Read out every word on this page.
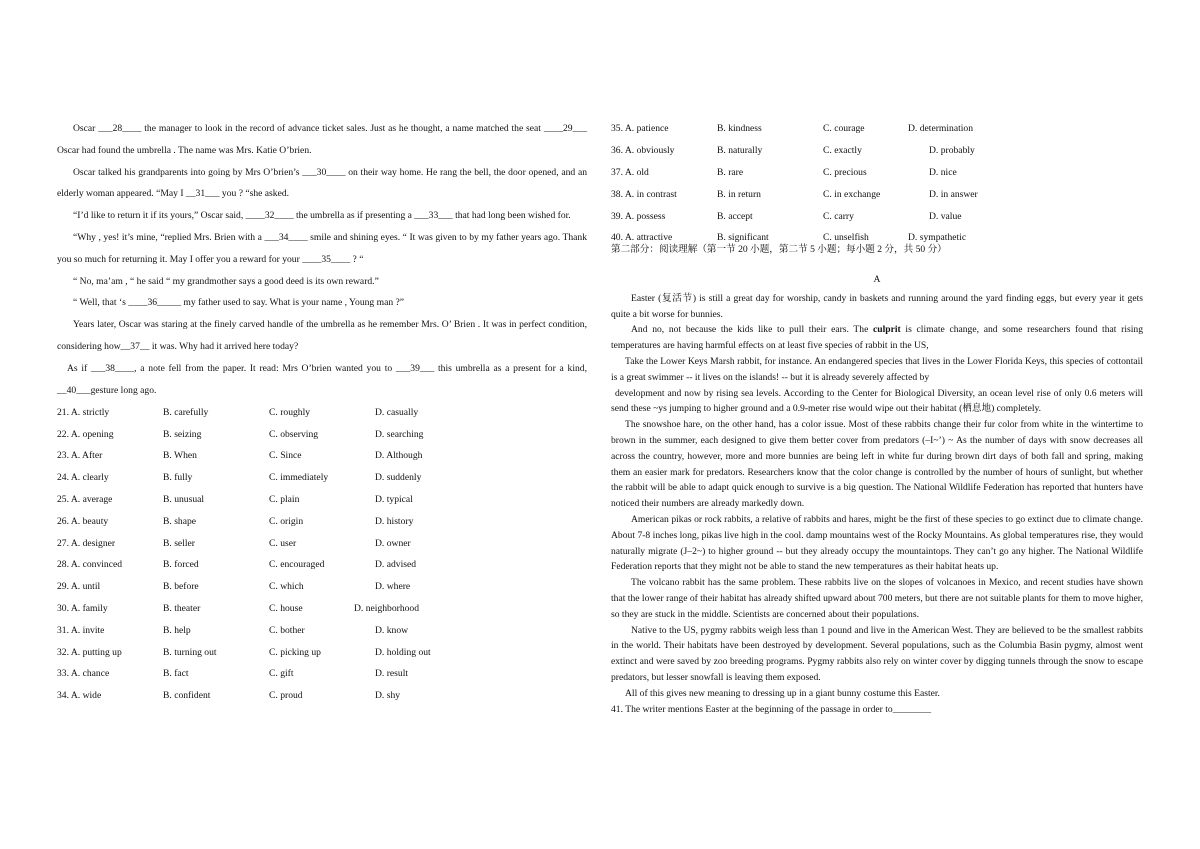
Oscar ___28____ the manager to look in the record of advance ticket sales. Just as he thought, a name matched the seat ____29___ Oscar had found the umbrella . The name was Mrs. Katie O’brien.

Oscar talked his grandparents into going by Mrs O’brien’s ___30____ on their way home. He rang the bell, the door opened, and an elderly woman appeared. “May I __31___ you ? “she asked.

“I’d like to return it if its yours,” Oscar said, ____32____ the umbrella as if presenting a ___33___ that had long been wished for.

“Why , yes! it’s mine, “replied Mrs. Brien with a ___34____ smile and shining eyes. “ It was given to by my father years ago. Thank you so much for returning it. May I offer you a reward for your ____35____ ? “

“ No, ma’am , “ he said “ my grandmother says a good deed is its own reward.”

“ Well, that ‘s ____36_____ my father used to say. What is your name , Young man ?”

Years later, Oscar was staring at the finely carved handle of the umbrella as he remember Mrs. O’ Brien . It was in perfect condition, considering how__37__ it was. Why had it arrived here today?

As if ___38____, a note fell from the paper. It read: Mrs O’brien wanted you to ___39___ this umbrella as a present for a kind, __40___gesture long ago.

21. A. strictly	B. carefully	C. roughly	D. casually
22. A. opening	B. seizing	C. observing	D. searching
23. A. After	B. When	C. Since	D. Although
24. A. clearly	B. fully	C. immediately	D. suddenly
25. A. average	B. unusual	C. plain	D. typical
26. A. beauty	B. shape	C. origin	D. history
27. A. designer	B. seller	C. user	D. owner
28. A. convinced	B. forced	C. encouraged	D. advised
29. A. until	B. before	C. which	D. where
30. A. family	B. theater	C. house	D. neighborhood
31. A. invite	B. help	C. bother	D. know
32. A. putting up	B. turning out	C. picking up	D. holding out
33. A. chance	B. fact	C. gift	D. result
34. A. wide	B. confident	C. proud	D. shy
35. A. patience	B. kindness	C. courage	D. determination
36. A. obviously	B. naturally	C. exactly	D. probably
37. A. old	B. rare	C. precious	D. nice
38. A. in contrast	B. in return	C. in exchange	D. in answer
39. A. possess	B. accept	C. carry	D. value
40. A. attractive	B. significant	C. unselfish	D. sympathetic

第二部分：阅读理解（第一节 20 小题，第二节 5 小题；每小题 2 分，共 50 分）

A

Easter (复活节) is still a great day for worship, candy in baskets and running around the yard finding eggs, but every year it gets quite a bit worse for bunnies.

And no, not because the kids like to pull their ears. The culprit is climate change, and some researchers found that rising temperatures are having harmful effects on at least five species of rabbit in the US,

Take the Lower Keys Marsh rabbit, for instance. An endangered species that lives in the Lower Florida Keys, this species of cottontail is a great swimmer -- it lives on the islands! -- but it is already severely affected by

development and now by rising sea levels. According to the Center for Biological Diversity, an ocean level rise of only 0.6 meters will send these ~ys jumping to higher ground and a 0.9-meter rise would wipe out their habitat (栖息地) completely.

The snowshoe hare, on the other hand, has a color issue. Most of these rabbits change their fur color from white in the wintertime to brown in the summer, each designed to give them better cover from predators (–I~’) ~ As the number of days with snow decreases all across the country, however, more and more bunnies are being left in white fur during brown dirt days of both fall and spring, making them an easier mark for predators. Researchers know that the color change is controlled by the number of hours of sunlight, but whether the rabbit will be able to adapt quick enough to survive is a big question. The National Wildlife Federation has reported that hunters have noticed their numbers are already markedly down.

American pikas or rock rabbits, a relative of rabbits and hares, might be the first of these species to go extinct due to climate change. About 7-8 inches long, pikas live high in the cool. damp mountains west of the Rocky Mountains. As global temperatures rise, they would naturally migrate (J–2~) to higher ground -- but they already occupy the mountaintops. They can’t go any higher. The National Wildlife Federation reports that they might not be able to stand the new temperatures as their habitat heats up.

The volcano rabbit has the same problem. These rabbits live on the slopes of volcanoes in Mexico, and recent studies have shown that the lower range of their habitat has already shifted upward about 700 meters, but there are not suitable plants for them to move higher, so they are stuck in the middle. Scientists are concerned about their populations.

Native to the US, pygmy rabbits weigh less than 1 pound and live in the American West. They are believed to be the smallest rabbits in the world. Their habitats have been destroyed by development. Several populations, such as the Columbia Basin pygmy, almost went extinct and were saved by zoo breeding programs. Pygmy rabbits also rely on winter cover by digging tunnels through the snow to escape predators, but lesser snowfall is leaving them exposed.

All of this gives new meaning to dressing up in a giant bunny costume this Easter.

41. The writer mentions Easter at the beginning of the passage in order to________
